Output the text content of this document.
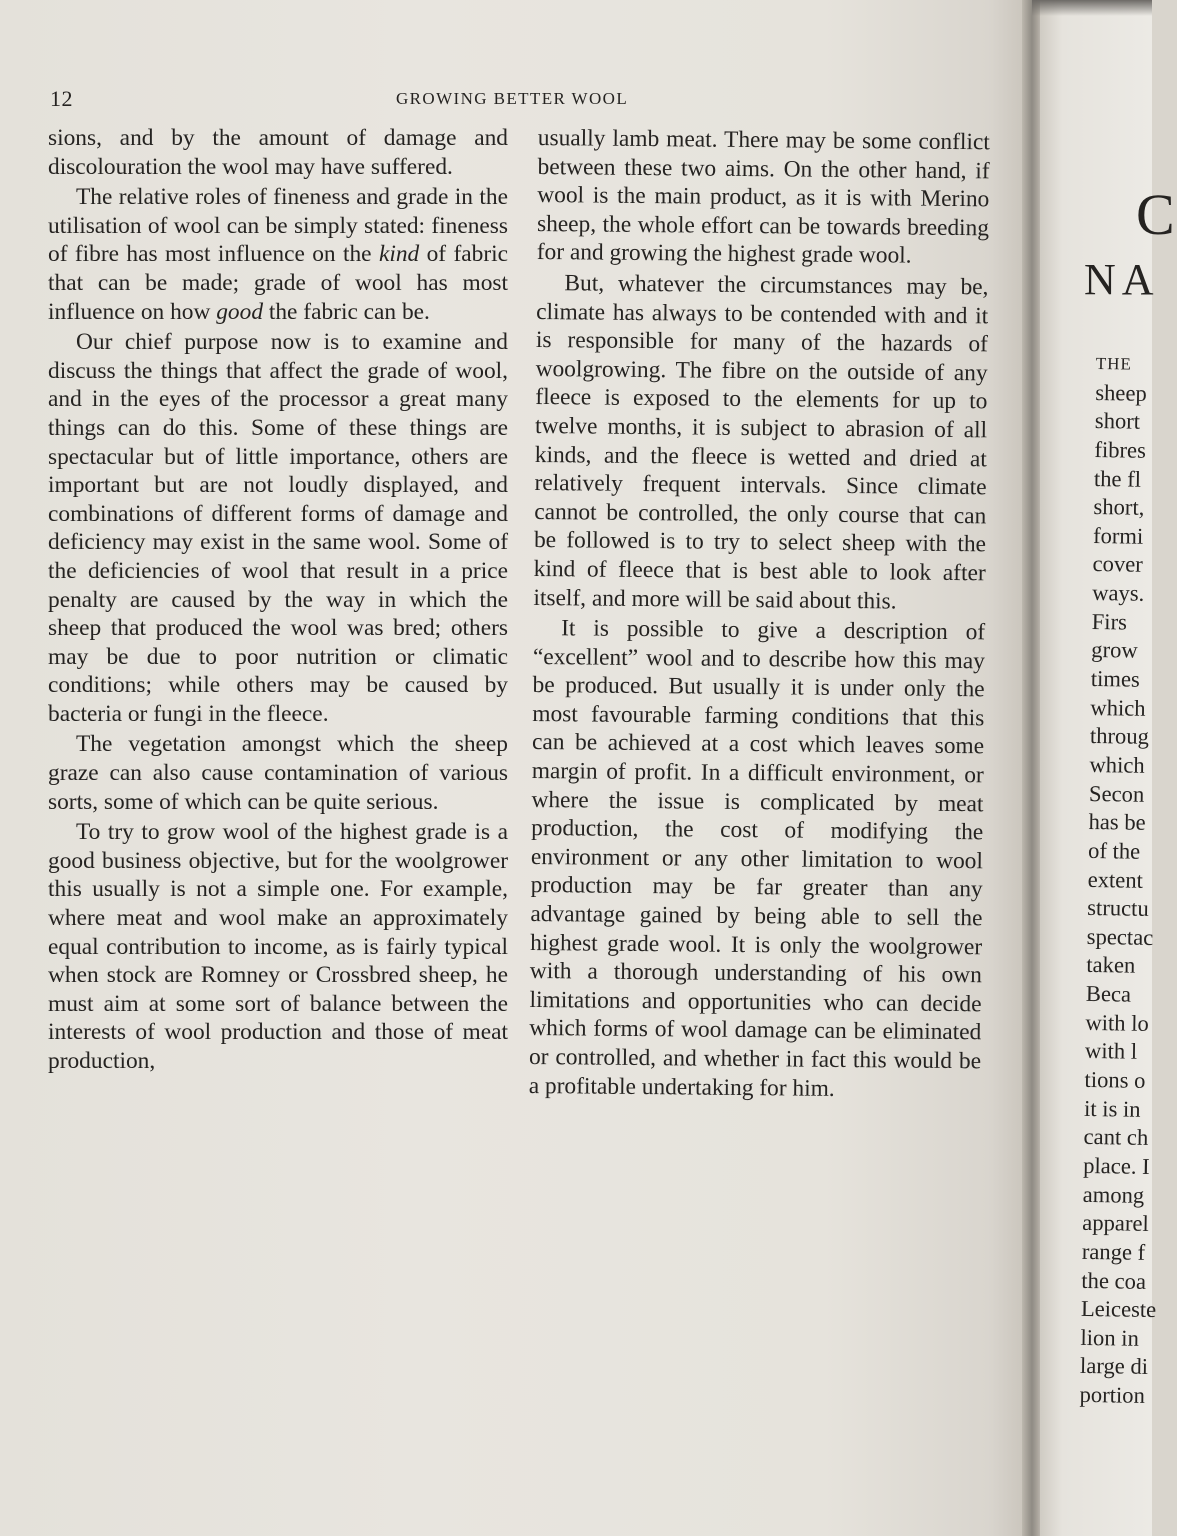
12	GROWING BETTER WOOL

sions, and by the amount of damage and discolouration the wool may have suffered.

The relative roles of fineness and grade in the utilisation of wool can be simply stated: fineness of fibre has most influence on the kind of fabric that can be made; grade of wool has most influence on how good the fabric can be.

Our chief purpose now is to examine and discuss the things that affect the grade of wool, and in the eyes of the processor a great many things can do this. Some of these things are spectacular but of little importance, others are important but are not loudly displayed, and combinations of different forms of damage and deficiency may exist in the same wool. Some of the deficiencies of wool that result in a price penalty are caused by the way in which the sheep that produced the wool was bred; others may be due to poor nutrition or climatic conditions; while others may be caused by bacteria or fungi in the fleece.

The vegetation amongst which the sheep graze can also cause contamination of various sorts, some of which can be quite serious.

To try to grow wool of the highest grade is a good business objective, but for the woolgrower this usually is not a simple one. For example, where meat and wool make an approximately equal contribution to income, as is fairly typical when stock are Romney or Crossbred sheep, he must aim at some sort of balance between the interests of wool production and those of meat production,

usually lamb meat. There may be some conflict between these two aims. On the other hand, if wool is the main product, as it is with Merino sheep, the whole effort can be towards breeding for and growing the highest grade wool.

But, whatever the circumstances may be, climate has always to be contended with and it is responsible for many of the hazards of woolgrowing. The fibre on the outside of any fleece is exposed to the elements for up to twelve months, it is subject to abrasion of all kinds, and the fleece is wetted and dried at relatively frequent intervals. Since climate cannot be controlled, the only course that can be followed is to try to select sheep with the kind of fleece that is best able to look after itself, and more will be said about this.

It is possible to give a description of “excellent” wool and to describe how this may be produced. But usually it is under only the most favourable farming conditions that this can be achieved at a cost which leaves some margin of profit. In a difficult environment, or where the issue is complicated by meat production, the cost of modifying the environment or any other limitation to wool production may be far greater than any advantage gained by being able to sell the highest grade wool. It is only the woolgrower with a thorough understanding of his own limitations and opportunities who can decide which forms of wool damage can be eliminated or controlled, and whether in fact this would be a profitable undertaking for him.

C
NA
THE
sheep
short
fibres
the fl
short,
formi
cover
ways.
Firs
grow
times
which
throug
which
Secon
has be
of the
extent
structu
spectac
taken
Beca
with lo
with l
tions o
it is in
cant ch
place. I
among
apparel
range f
the coa
Leiceste
lion in
large di
portion
